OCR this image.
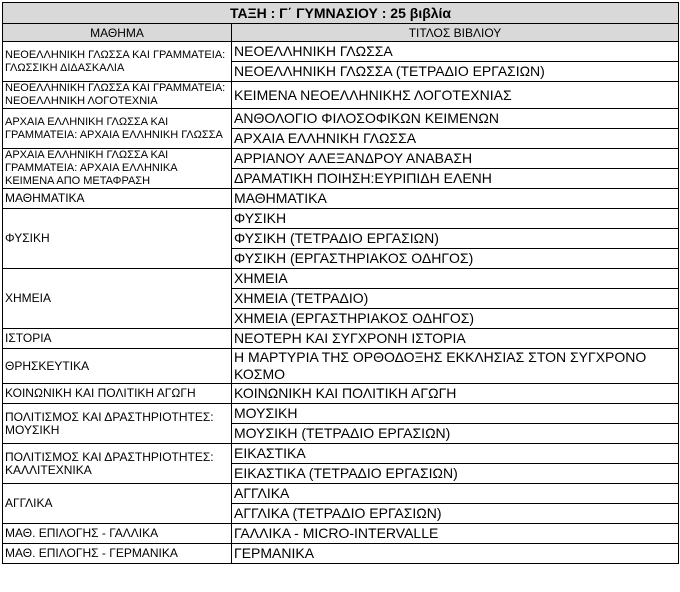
ΤΑΞΗ : Γ΄ ΓΥΜΝΑΣΙΟΥ : 25 βιβλία	
ΜΑΘΗΜΑ	ΤΙΤΛΟΣ ΒΙΒΛΙΟΥ
ΝΕΟΕΛΛΗΝΙΚΗ ΓΛΩΣΣΑ ΚΑΙ ΓΡΑΜΜΑΤΕΙΑ: ΓΛΩΣΣΙΚΗ ΔΙΔΑΣΚΑΛΙΑ	ΝΕΟΕΛΛΗΝΙΚΗ ΓΛΩΣΣΑ
	ΝΕΟΕΛΛΗΝΙΚΗ ΓΛΩΣΣΑ (ΤΕΤΡΑΔΙΟ ΕΡΓΑΣΙΩΝ)
ΝΕΟΕΛΛΗΝΙΚΗ ΓΛΩΣΣΑ ΚΑΙ ΓΡΑΜΜΑΤΕΙΑ: ΝΕΟΕΛΛΗΝΙΚΗ ΛΟΓΟΤΕΧΝΙΑ	ΚΕΙΜΕΝΑ ΝΕΟΕΛΛΗΝΙΚΗΣ ΛΟΓΟΤΕΧΝΙΑΣ
ΑΡΧΑΙΑ ΕΛΛΗΝΙΚΗ ΓΛΩΣΣΑ ΚΑΙ ΓΡΑΜΜΑΤΕΙΑ: ΑΡΧΑΙΑ ΕΛΛΗΝΙΚΗ ΓΛΩΣΣΑ	ΑΝΘΟΛΟΓΙΟ ΦΙΛΟΣΟΦΙΚΩΝ ΚΕΙΜΕΝΩΝ
	ΑΡΧΑΙΑ ΕΛΛΗΝΙΚΗ ΓΛΩΣΣΑ
ΑΡΧΑΙΑ ΕΛΛΗΝΙΚΗ ΓΛΩΣΣΑ ΚΑΙ ΓΡΑΜΜΑΤΕΙΑ: ΑΡΧΑΙΑ ΕΛΛΗΝΙΚΑ ΚΕΙΜΕΝΑ ΑΠΟ ΜΕΤΑΦΡΑΣΗ	ΑΡΡΙΑΝΟΥ ΑΛΕΞΑΝΔΡΟΥ ΑΝΑΒΑΣΗ
	ΔΡΑΜΑΤΙΚΗ ΠΟΙΗΣΗ:ΕΥΡΙΠΙΔΗ ΕΛΕΝΗ
ΜΑΘΗΜΑΤΙΚΑ	ΜΑΘΗΜΑΤΙΚΑ
ΦΥΣΙΚΗ	ΦΥΣΙΚΗ
	ΦΥΣΙΚΗ (ΤΕΤΡΑΔΙΟ ΕΡΓΑΣΙΩΝ)
	ΦΥΣΙΚΗ (ΕΡΓΑΣΤΗΡΙΑΚΟΣ ΟΔΗΓΟΣ)
ΧΗΜΕΙΑ	ΧΗΜΕΙΑ
	ΧΗΜΕΙΑ (ΤΕΤΡΑΔΙΟ)
	ΧΗΜΕΙΑ (ΕΡΓΑΣΤΗΡΙΑΚΟΣ ΟΔΗΓΟΣ)
ΙΣΤΟΡΙΑ	ΝΕΟΤΕΡΗ ΚΑΙ ΣΥΓΧΡΟΝΗ ΙΣΤΟΡΙΑ
ΘΡΗΣΚΕΥΤΙΚΑ	Η ΜΑΡΤΥΡΙΑ ΤΗΣ ΟΡΘΟΔΟΞΗΣ ΕΚΚΛΗΣΙΑΣ ΣΤΟΝ ΣΥΓΧΡΟΝΟ ΚΟΣΜΟ
ΚΟΙΝΩΝΙΚΗ ΚΑΙ ΠΟΛΙΤΙΚΗ ΑΓΩΓΗ	ΚΟΙΝΩΝΙΚΗ ΚΑΙ ΠΟΛΙΤΙΚΗ ΑΓΩΓΗ
ΠΟΛΙΤΙΣΜΟΣ ΚΑΙ ΔΡΑΣΤΗΡΙΟΤΗΤΕΣ: ΜΟΥΣΙΚΗ	ΜΟΥΣΙΚΗ
	ΜΟΥΣΙΚΗ (ΤΕΤΡΑΔΙΟ ΕΡΓΑΣΙΩΝ)
ΠΟΛΙΤΙΣΜΟΣ ΚΑΙ ΔΡΑΣΤΗΡΙΟΤΗΤΕΣ: ΚΑΛΛΙΤΕΧΝΙΚΑ	ΕΙΚΑΣΤΙΚΑ
	ΕΙΚΑΣΤΙΚΑ (ΤΕΤΡΑΔΙΟ ΕΡΓΑΣΙΩΝ)
ΑΓΓΛΙΚΑ	ΑΓΓΛΙΚΑ
	ΑΓΓΛΙΚΑ (ΤΕΤΡΑΔΙΟ ΕΡΓΑΣΙΩΝ)
ΜΑΘ. ΕΠΙΛΟΓΗΣ - ΓΑΛΛΙΚΑ	ΓΑΛΛΙΚΑ - MICRO-INTERVALLE
ΜΑΘ. ΕΠΙΛΟΓΗΣ - ΓΕΡΜΑΝΙΚΑ	ΓΕΡΜΑΝΙΚΑ
